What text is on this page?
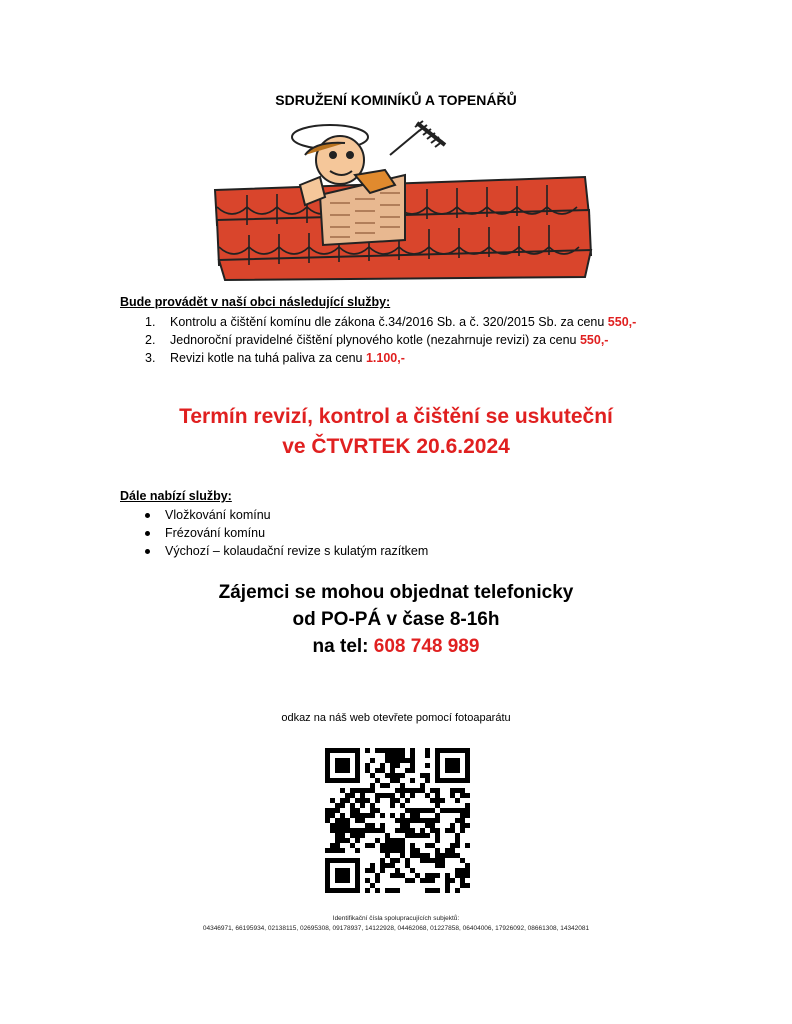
SDRUŽENÍ KOMINÍKŮ A TOPENÁŘŮ
Bude provádět v naší obci následující služby:
1. Kontrolu a čištění komínu dle zákona č.34/2016 Sb. a č. 320/2015 Sb. za cenu 550,-
2. Jednoroční pravidelné čištění plynového kotle (nezahrnuje revizi) za cenu 550,-
3. Revizi kotle na tuhá paliva za cenu 1.100,-
Termín revizí, kontrol a čištění se uskuteční
ve ČTVRTEK 20.6.2024
Dále nabízí služby:
Vložkování komínu
Frézování komínu
Výchozí – kolaudační revize s kulatým razítkem
Zájemci se mohou objednat telefonicky
od PO-PÁ v čase 8-16h
na tel: 608 748 989
odkaz na náš web otevřete pomocí fotoaparátu
Identifikační čísla spolupracujících subjektů:
04346971, 66195934, 02138115, 02695308, 09178937, 14122928, 04462068, 01227858, 06404006, 17926092, 08661308, 14342081
